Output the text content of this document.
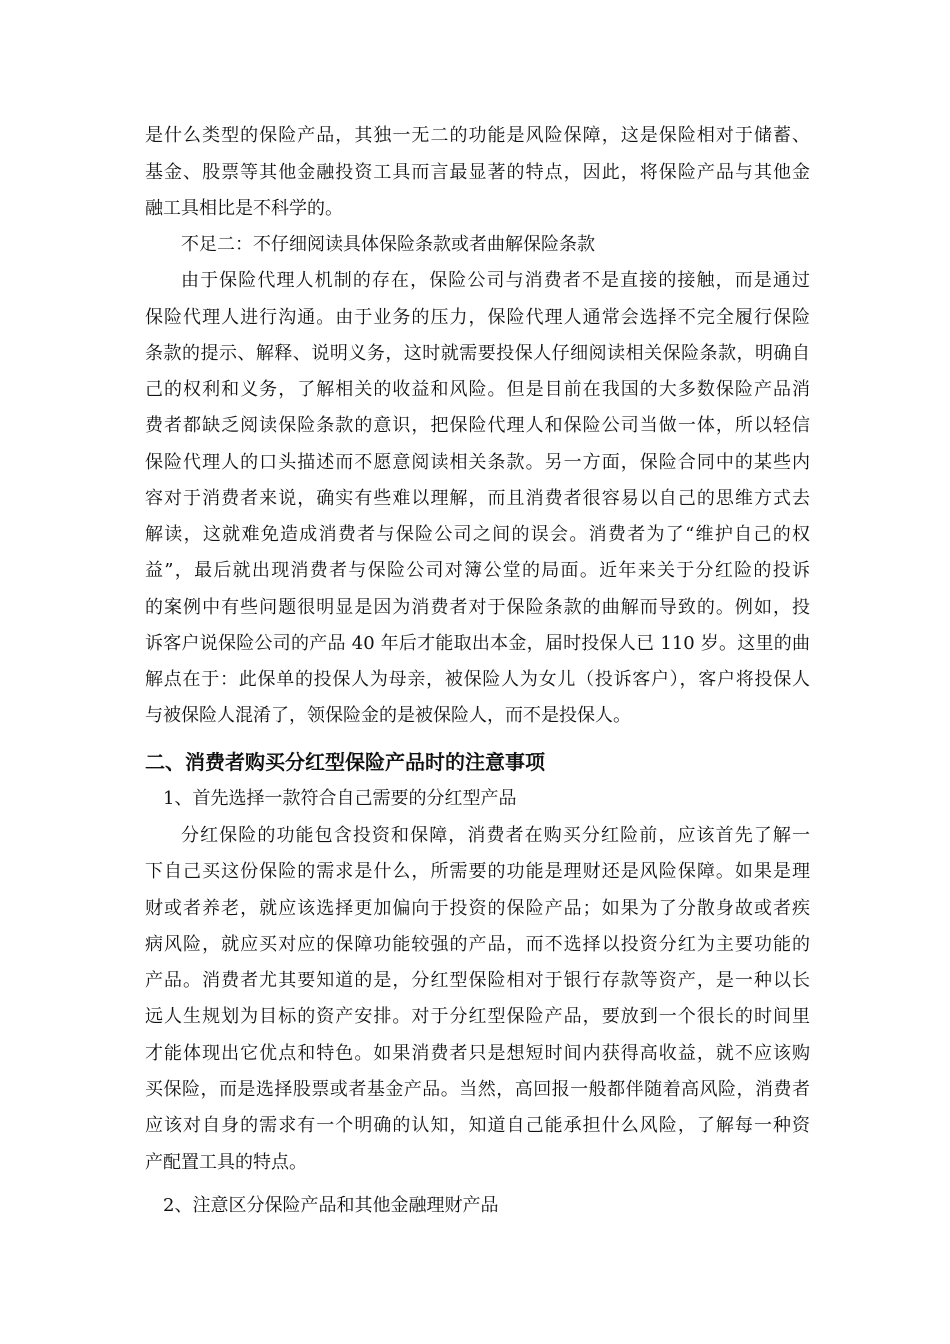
是什么类型的保险产品，其独一无二的功能是风险保障，这是保险相对于储蓄、
基金、股票等其他金融投资工具而言最显著的特点，因此，将保险产品与其他金
融工具相比是不科学的。
不足二：不仔细阅读具体保险条款或者曲解保险条款
由于保险代理人机制的存在，保险公司与消费者不是直接的接触，而是通过
保险代理人进行沟通。由于业务的压力，保险代理人通常会选择不完全履行保险
条款的提示、解释、说明义务，这时就需要投保人仔细阅读相关保险条款，明确自
己的权利和义务，了解相关的收益和风险。但是目前在我国的大多数保险产品消
费者都缺乏阅读保险条款的意识，把保险代理人和保险公司当做一体，所以轻信
保险代理人的口头描述而不愿意阅读相关条款。另一方面，保险合同中的某些内
容对于消费者来说，确实有些难以理解，而且消费者很容易以自己的思维方式去
解读，这就难免造成消费者与保险公司之间的误会。消费者为了“维护自己的权
益”，最后就出现消费者与保险公司对簿公堂的局面。近年来关于分红险的投诉
的案例中有些问题很明显是因为消费者对于保险条款的曲解而导致的。例如，投
诉客户说保险公司的产品 40 年后才能取出本金，届时投保人已 110 岁。这里的曲
解点在于：此保单的投保人为母亲，被保险人为女儿（投诉客户），客户将投保人
与被保险人混淆了，领保险金的是被保险人，而不是投保人。
二、消费者购买分红型保险产品时的注意事项
1、首先选择一款符合自己需要的分红型产品
分红保险的功能包含投资和保障，消费者在购买分红险前，应该首先了解一
下自己买这份保险的需求是什么，所需要的功能是理财还是风险保障。如果是理
财或者养老，就应该选择更加偏向于投资的保险产品；如果为了分散身故或者疾
病风险，就应买对应的保障功能较强的产品，而不选择以投资分红为主要功能的
产品。消费者尤其要知道的是，分红型保险相对于银行存款等资产，是一种以长
远人生规划为目标的资产安排。对于分红型保险产品，要放到一个很长的时间里
才能体现出它优点和特色。如果消费者只是想短时间内获得高收益，就不应该购
买保险，而是选择股票或者基金产品。当然，高回报一般都伴随着高风险，消费者
应该对自身的需求有一个明确的认知，知道自己能承担什么风险，了解每一种资
产配置工具的特点。
2、注意区分保险产品和其他金融理财产品
